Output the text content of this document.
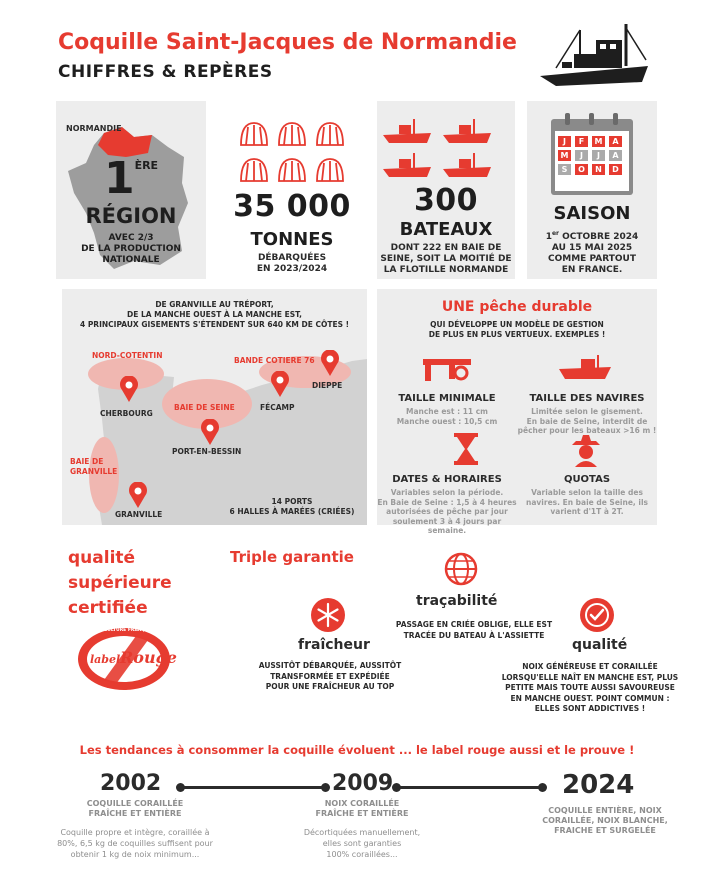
Coquille Saint-Jacques de Normandie
CHIFFRES & REPÈRES
NORMANDIE
1ÈRE
RÉGION
AVEC 2/3
DE LA PRODUCTION
NATIONALE
35 000
TONNES
DÉBARQUÉES
EN 2023/2024
300
BATEAUX
DONT 222 EN BAIE DE
SEINE, SOIT LA MOITIÉ DE
LA FLOTILLE NORMANDE
J	F	M	A
M	J	J	A
S	O	N	D
SAISON
1er OCTOBRE 2024
AU 15 MAI 2025
COMME PARTOUT
EN FRANCE.
DE GRANVILLE AU TRÉPORT,
DE LA MANCHE OUEST À LA MANCHE EST,
4 PRINCIPAUX GISEMENTS S'ÉTENDENT SUR 640 KM DE CÔTES !
NORD-COTENTIN
BANDE COTIERE 76
BAIE DE SEINE
BAIE DE
GRANVILLE
CHERBOURG
FÉCAMP
DIEPPE
PORT-EN-BESSIN
GRANVILLE
14 PORTS
6 HALLES À MARÉES (CRIÉES)
UNE pêche durable
QUI DÉVELOPPE UN MODÈLE DE GESTION
DE PLUS EN PLUS VERTUEUX. EXEMPLES !
TAILLE MINIMALE
Manche est : 11 cm
Manche ouest : 10,5 cm
TAILLE DES NAVIRES
Limitée selon le gisement.
En baie de Seine, interdit de
pêcher pour les bateaux >16 m !
DATES & HORAIRES
Variables selon la période.
En Baie de Seine : 1,5 à 4 heures
autorisées de pêche par jour
soulement 3 à 4 jours par semaine.
QUOTAS
Variable selon la taille des
navires. En baie de Seine, ils
varient d'1T à 2T.
qualité
supérieure
certifiée
AGRICULTURE FRANÇAISE
label Rouge
Triple garantie
fraîcheur
AUSSITÔT DÉBARQUÉE, AUSSITÔT
TRANSFORMÉE ET EXPÉDIÉE
POUR UNE FRAÎCHEUR AU TOP
traçabilité
PASSAGE EN CRIÉE OBLIGE, ELLE EST
TRACÉE DU BATEAU À L'ASSIETTE
qualité
NOIX GÉNÉREUSE ET CORAILLÉE
LORSQU'ELLE NAÎT EN MANCHE EST, PLUS
PETITE MAIS TOUTE AUSSI SAVOUREUSE
EN MANCHE OUEST. POINT COMMUN :
ELLES SONT ADDICTIVES !
Les tendances à consommer la coquille évoluent ... le label rouge aussi et le prouve !
2002
COQUILLE CORAILLÉE
FRAÎCHE ET ENTIÈRE
Coquille propre et intègre, coraillée à
80%, 6,5 kg de coquilles suffisent pour
obtenir 1 kg de noix minimum...
2009
NOIX CORAILLÉE
FRAÎCHE ET ENTIÈRE
Décortiquées manuellement,
elles sont garanties
100% coraillées...
2024
COQUILLE ENTIÈRE, NOIX
CORAILLÉE, NOIX BLANCHE,
FRAICHE ET SURGELÉE
